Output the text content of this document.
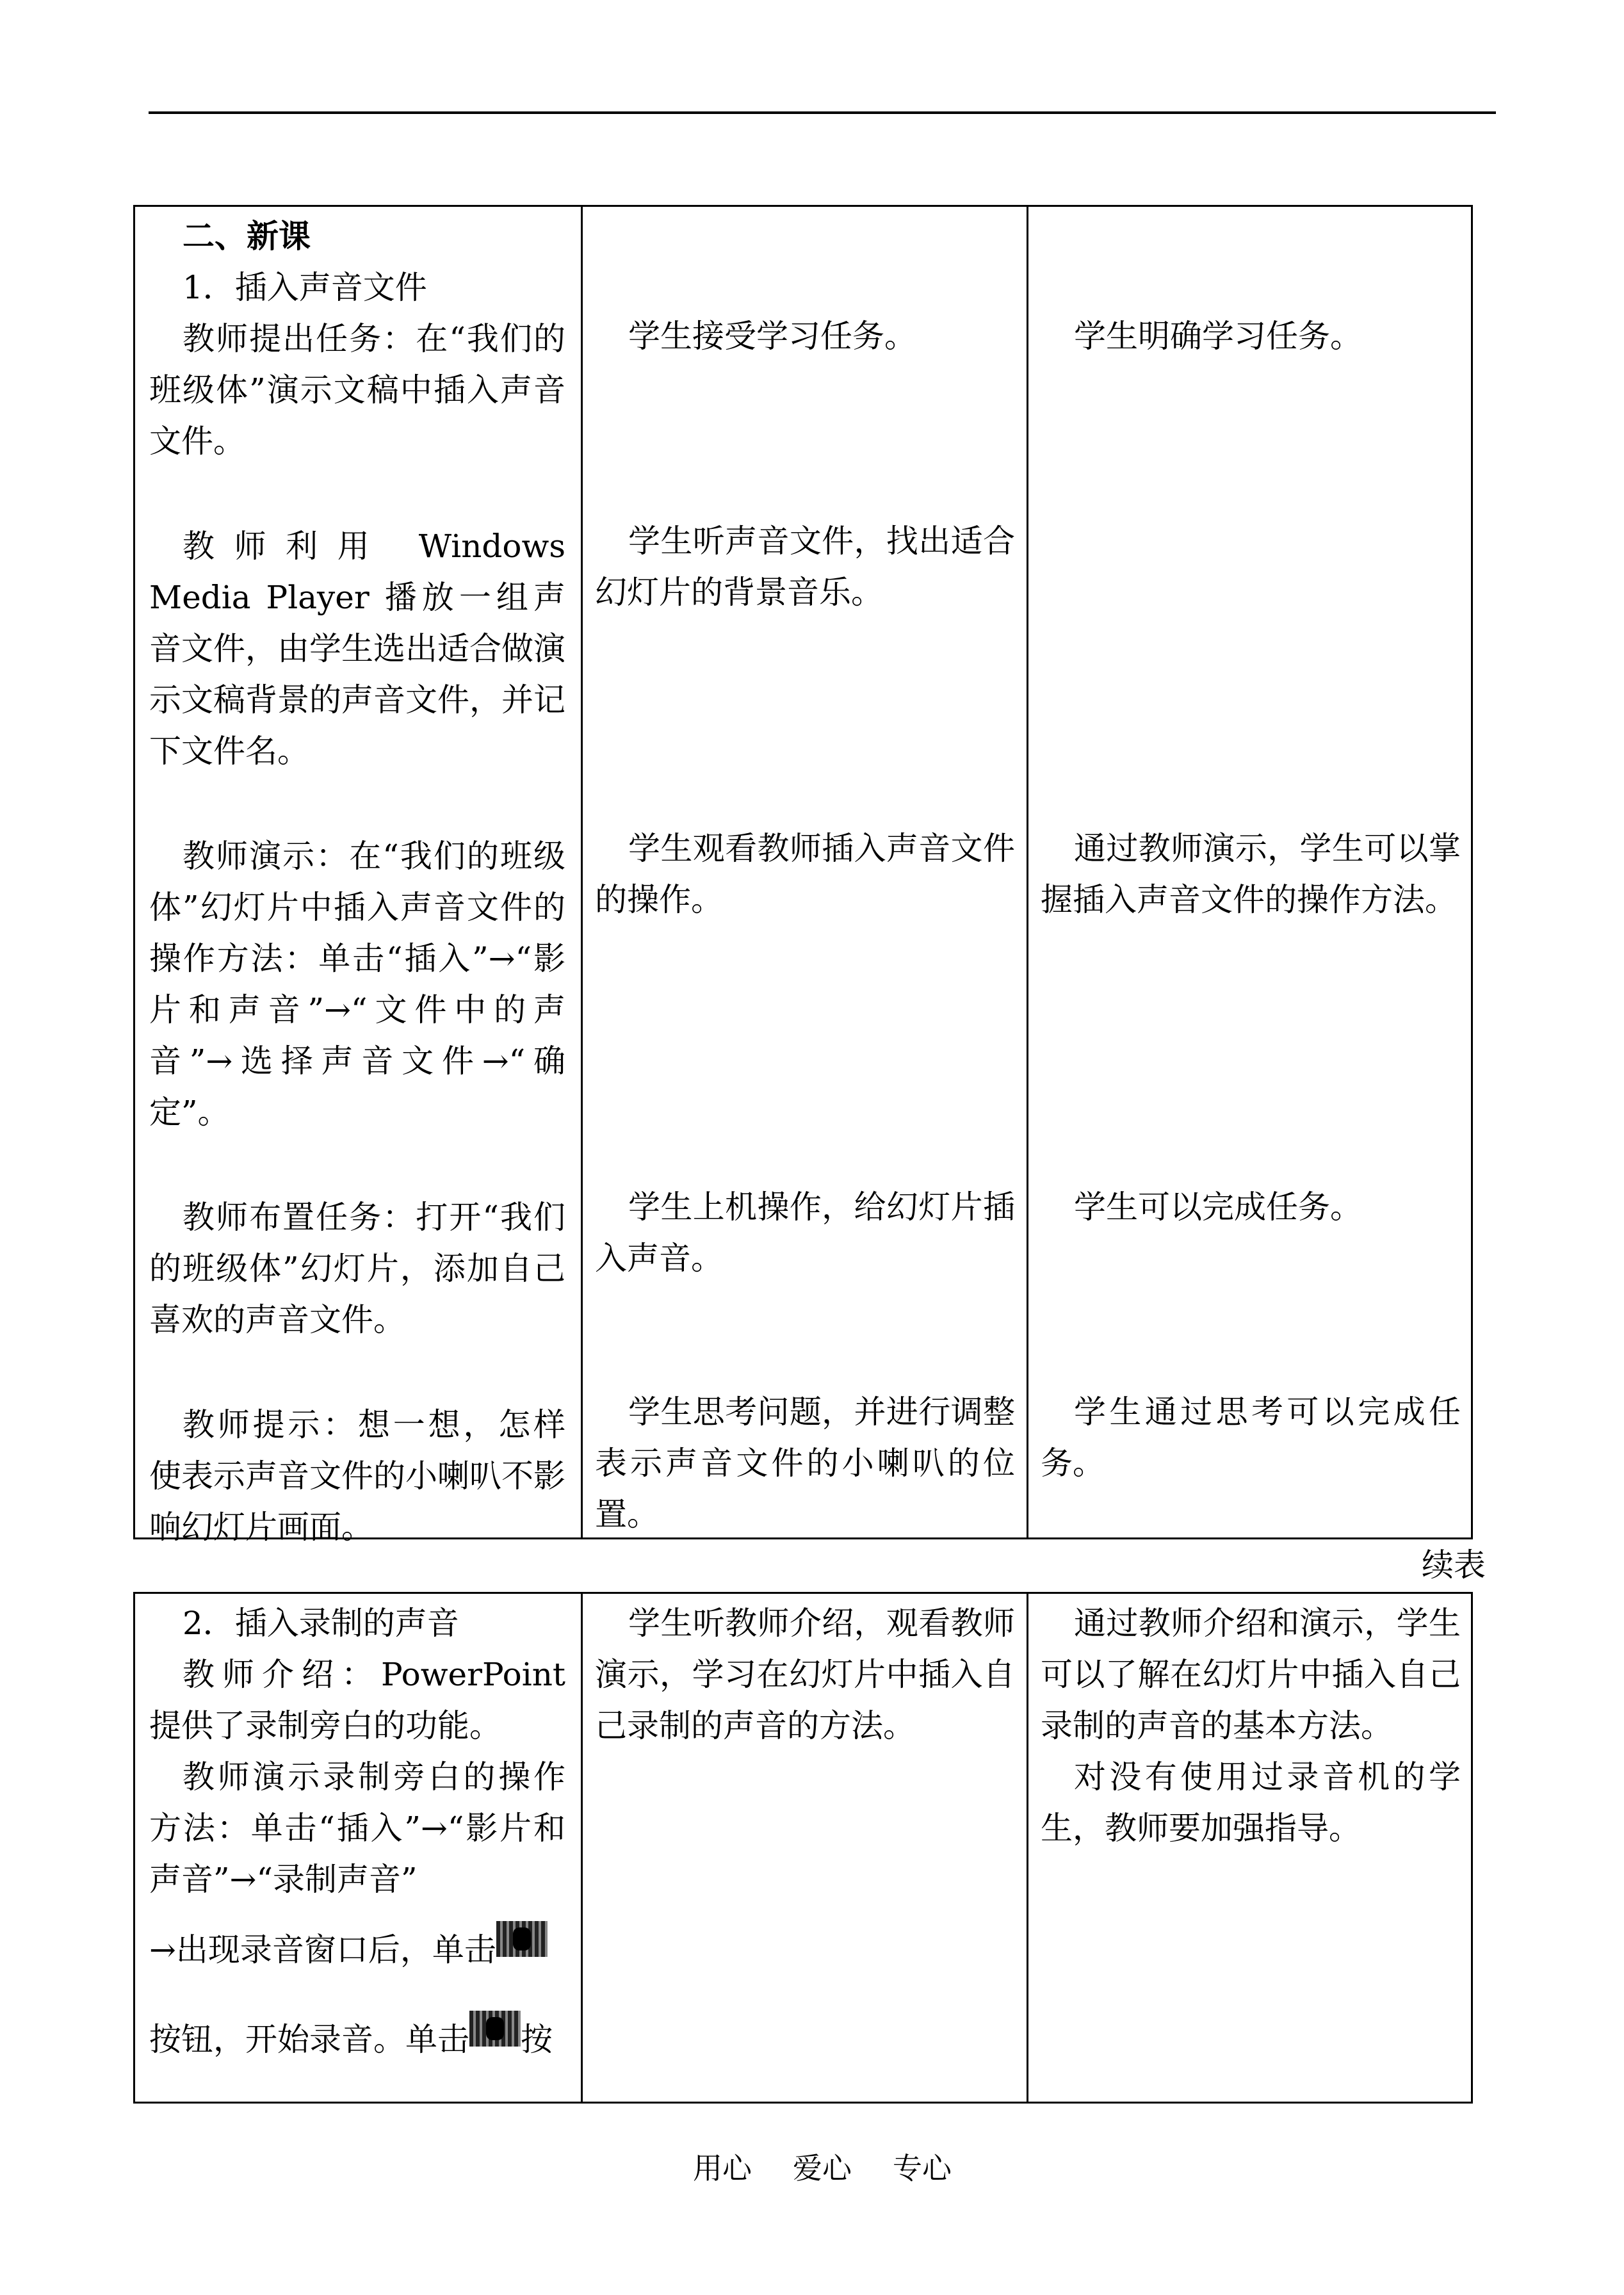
二、新课

1．插入声音文件

教师提出任务：在“我们的班级体”演示文稿中插入声音文件。

教师利用 Windows Media Player 播放一组声音文件，由学生选出适合做演示文稿背景的声音文件，并记下文件名。

教师演示：在“我们的班级体”幻灯片中插入声音文件的操作方法：单击“插入”→“影片和声音”→“文件中的声音”→选择声音文件→“确定”。

教师布置任务：打开“我们的班级体”幻灯片，添加自己喜欢的声音文件。

教师提示：想一想，怎样使表示声音文件的小喇叭不影响幻灯片画面。

学生接受学习任务。

学生听声音文件，找出适合幻灯片的背景音乐。

学生观看教师插入声音文件的操作。

学生上机操作，给幻灯片插入声音。

学生思考问题，并进行调整表示声音文件的小喇叭的位置。

学生明确学习任务。

通过教师演示，学生可以掌握插入声音文件的操作方法。

学生可以完成任务。

学生通过思考可以完成任务。

续表

2．插入录制的声音

教师介绍：PowerPoint 提供了录制旁白的功能。

教师演示录制旁白的操作方法：单击“插入”→“影片和声音”→“录制声音”

→出现录音窗口后，单击

按钮，开始录音。单击 按

学生听教师介绍，观看教师演示，学习在幻灯片中插入自己录制的声音的方法。

通过教师介绍和演示，学生可以了解在幻灯片中插入自己录制的声音的基本方法。

对没有使用过录音机的学生，教师要加强指导。

用心 爱心 专心
